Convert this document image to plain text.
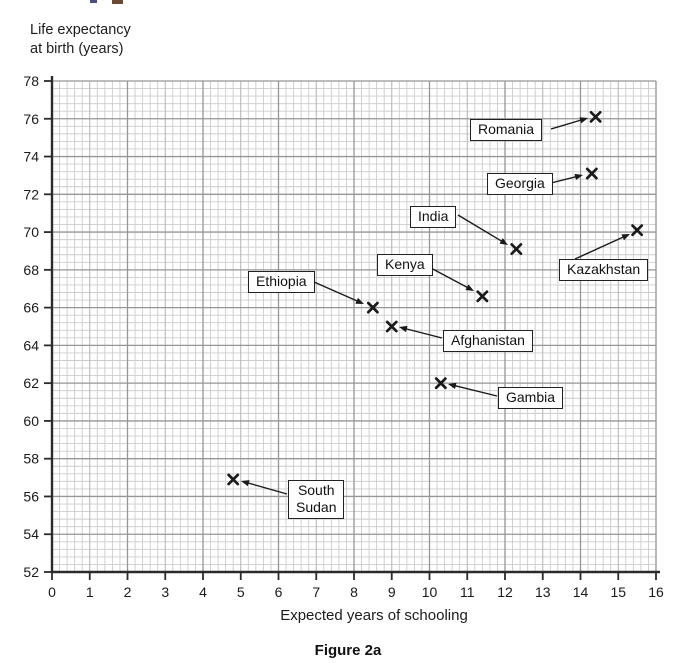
Life expectancy
at birth (years)
0 1 2 3 4 5 6 7 8 9 10 11 12 13 14 15 16
52
54
56
58
60
62
64
66
68
70
72
74
76
78
Romania
Georgia
India
Kazakhstan
Kenya
Ethiopia
Afghanistan
Gambia
South
Sudan
Expected years of schooling
Figure 2a
